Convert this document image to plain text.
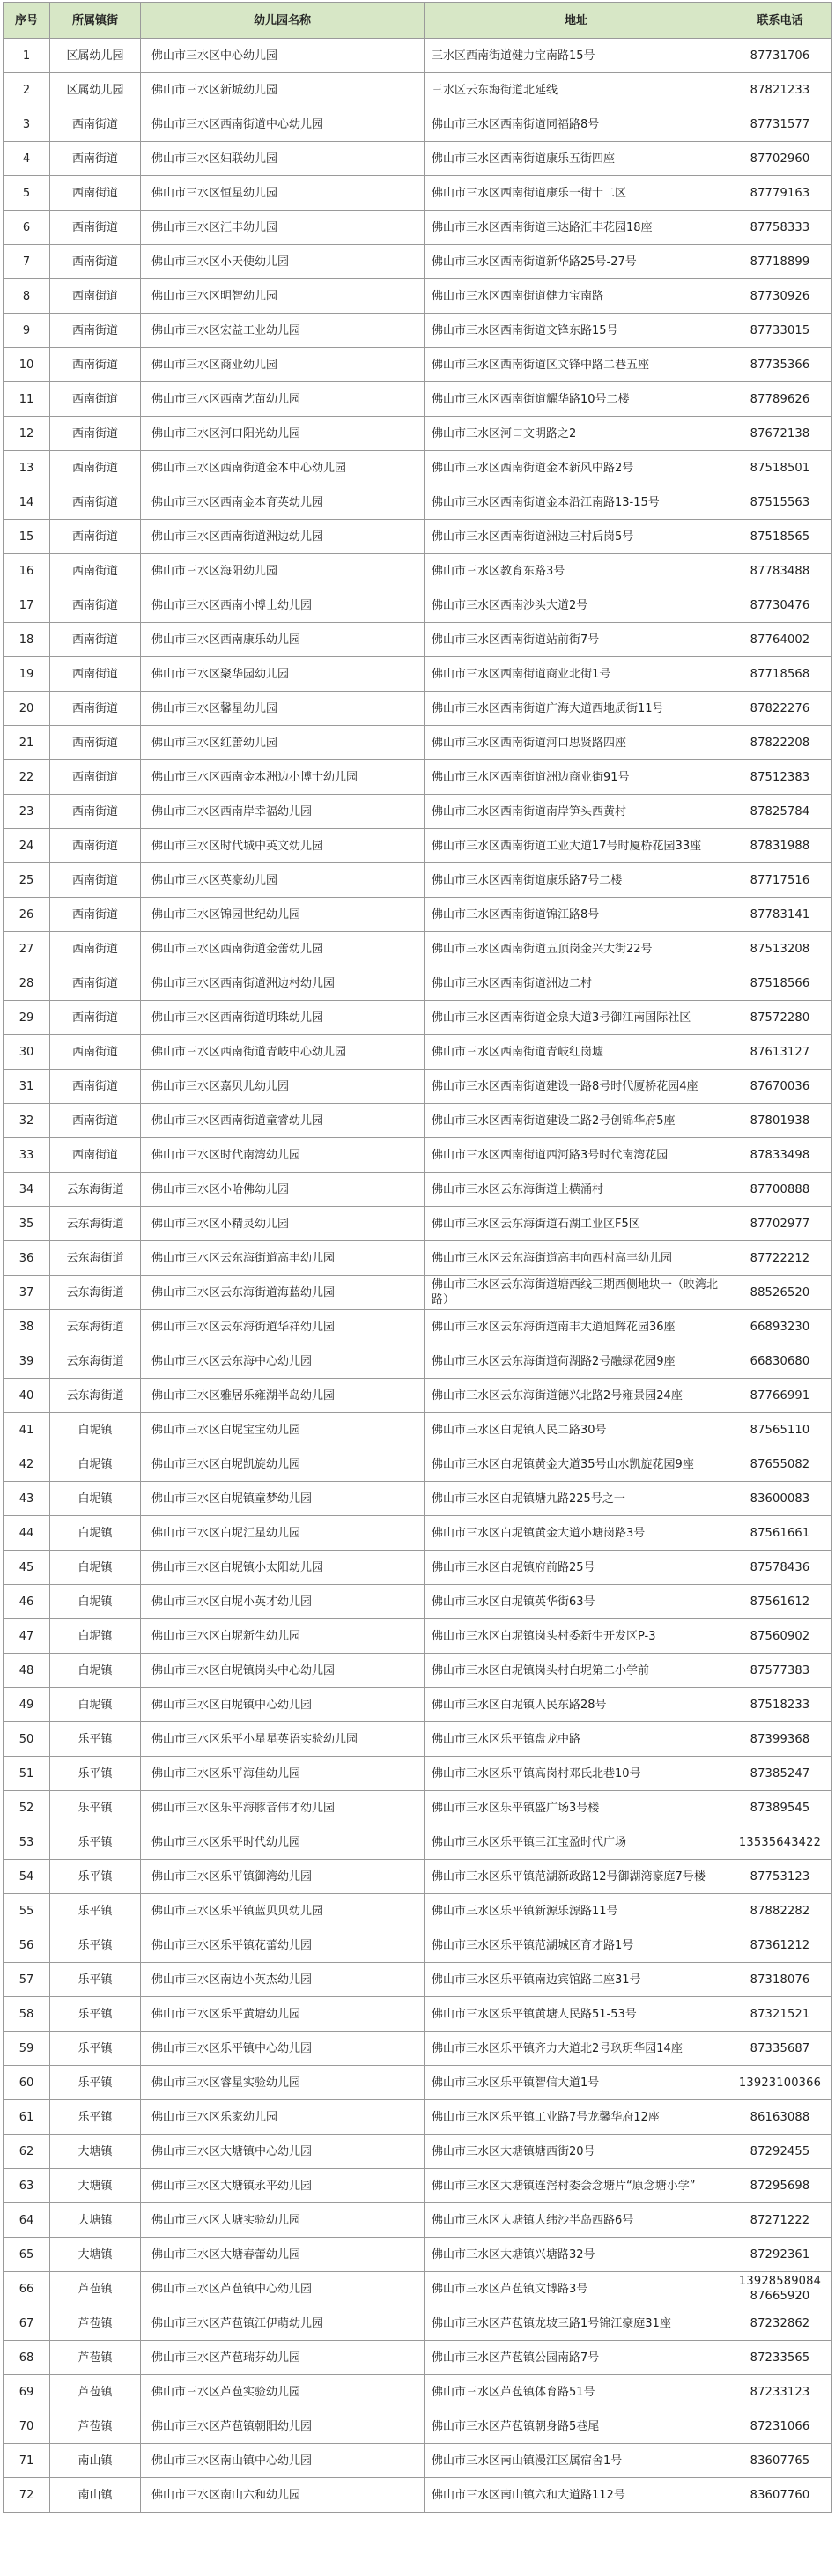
序号	所属镇街	幼儿园名称	地址	联系电话
1	区属幼儿园	佛山市三水区中心幼儿园	三水区西南街道健力宝南路15号	87731706
2	区属幼儿园	佛山市三水区新城幼儿园	三水区云东海街道北延线	87821233
3	西南街道	佛山市三水区西南街道中心幼儿园	佛山市三水区西南街道同福路8号	87731577
4	西南街道	佛山市三水区妇联幼儿园	佛山市三水区西南街道康乐五街四座	87702960
5	西南街道	佛山市三水区恒星幼儿园	佛山市三水区西南街道康乐一街十二区	87779163
6	西南街道	佛山市三水区汇丰幼儿园	佛山市三水区西南街道三达路汇丰花园18座	87758333
7	西南街道	佛山市三水区小天使幼儿园	佛山市三水区西南街道新华路25号-27号	87718899
8	西南街道	佛山市三水区明智幼儿园	佛山市三水区西南街道健力宝南路	87730926
9	西南街道	佛山市三水区宏益工业幼儿园	佛山市三水区西南街道文锋东路15号	87733015
10	西南街道	佛山市三水区商业幼儿园	佛山市三水区西南街道区文锋中路二巷五座	87735366
11	西南街道	佛山市三水区西南艺苗幼儿园	佛山市三水区西南街道耀华路10号二楼	87789626
12	西南街道	佛山市三水区河口阳光幼儿园	佛山市三水区河口文明路之2	87672138
13	西南街道	佛山市三水区西南街道金本中心幼儿园	佛山市三水区西南街道金本新风中路2号	87518501
14	西南街道	佛山市三水区西南金本育英幼儿园	佛山市三水区西南街道金本沿江南路13-15号	87515563
15	西南街道	佛山市三水区西南街道洲边幼儿园	佛山市三水区西南街道洲边三村后岗5号	87518565
16	西南街道	佛山市三水区海阳幼儿园	佛山市三水区教育东路3号	87783488
17	西南街道	佛山市三水区西南小博士幼儿园	佛山市三水区西南沙头大道2号	87730476
18	西南街道	佛山市三水区西南康乐幼儿园	佛山市三水区西南街道站前街7号	87764002
19	西南街道	佛山市三水区聚华园幼儿园	佛山市三水区西南街道商业北街1号	87718568
20	西南街道	佛山市三水区馨星幼儿园	佛山市三水区西南街道广海大道西地质街11号	87822276
21	西南街道	佛山市三水区红蕾幼儿园	佛山市三水区西南街道河口思贤路四座	87822208
22	西南街道	佛山市三水区西南金本洲边小博士幼儿园	佛山市三水区西南街道洲边商业街91号	87512383
23	西南街道	佛山市三水区西南岸幸福幼儿园	佛山市三水区西南街道南岸笋头西黄村	87825784
24	西南街道	佛山市三水区时代城中英文幼儿园	佛山市三水区西南街道工业大道17号时厦桥花园33座	87831988
25	西南街道	佛山市三水区英豪幼儿园	佛山市三水区西南街道康乐路7号二楼	87717516
26	西南街道	佛山市三水区锦园世纪幼儿园	佛山市三水区西南街道锦江路8号	87783141
27	西南街道	佛山市三水区西南街道金蕾幼儿园	佛山市三水区西南街道五顶岗金兴大街22号	87513208
28	西南街道	佛山市三水区西南街道洲边村幼儿园	佛山市三水区西南街道洲边二村	87518566
29	西南街道	佛山市三水区西南街道明珠幼儿园	佛山市三水区西南街道金泉大道3号御江南国际社区	87572280
30	西南街道	佛山市三水区西南街道青岐中心幼儿园	佛山市三水区西南街道青岐红岗墟	87613127
31	西南街道	佛山市三水区嘉贝儿幼儿园	佛山市三水区西南街道建设一路8号时代厦桥花园4座	87670036
32	西南街道	佛山市三水区西南街道童睿幼儿园	佛山市三水区西南街道建设二路2号创锦华府5座	87801938
33	西南街道	佛山市三水区时代南湾幼儿园	佛山市三水区西南街道西河路3号时代南湾花园	87833498
34	云东海街道	佛山市三水区小哈佛幼儿园	佛山市三水区云东海街道上横涌村	87700888
35	云东海街道	佛山市三水区小精灵幼儿园	佛山市三水区云东海街道石湖工业区F5区	87702977
36	云东海街道	佛山市三水区云东海街道高丰幼儿园	佛山市三水区云东海街道高丰向西村高丰幼儿园	87722212
37	云东海街道	佛山市三水区云东海街道海蓝幼儿园	佛山市三水区云东海街道塘西线三期西侧地块一（映湾北路）	88526520
38	云东海街道	佛山市三水区云东海街道华祥幼儿园	佛山市三水区云东海街道南丰大道旭辉花园36座	66893230
39	云东海街道	佛山市三水区云东海中心幼儿园	佛山市三水区云东海街道荷湖路2号融绿花园9座	66830680
40	云东海街道	佛山市三水区雅居乐雍湖半岛幼儿园	佛山市三水区云东海街道德兴北路2号雍景园24座	87766991
41	白坭镇	佛山市三水区白坭宝宝幼儿园	佛山市三水区白坭镇人民二路30号	87565110
42	白坭镇	佛山市三水区白坭凯旋幼儿园	佛山市三水区白坭镇黄金大道35号山水凯旋花园9座	87655082
43	白坭镇	佛山市三水区白坭镇童梦幼儿园	佛山市三水区白坭镇塘九路225号之一	83600083
44	白坭镇	佛山市三水区白坭汇星幼儿园	佛山市三水区白坭镇黄金大道小塘岗路3号	87561661
45	白坭镇	佛山市三水区白坭镇小太阳幼儿园	佛山市三水区白坭镇府前路25号	87578436
46	白坭镇	佛山市三水区白坭小英才幼儿园	佛山市三水区白坭镇英华街63号	87561612
47	白坭镇	佛山市三水区白坭新生幼儿园	佛山市三水区白坭镇岗头村委新生开发区P-3	87560902
48	白坭镇	佛山市三水区白坭镇岗头中心幼儿园	佛山市三水区白坭镇岗头村白坭第二小学前	87577383
49	白坭镇	佛山市三水区白坭镇中心幼儿园	佛山市三水区白坭镇人民东路28号	87518233
50	乐平镇	佛山市三水区乐平小星星英语实验幼儿园	佛山市三水区乐平镇盘龙中路	87399368
51	乐平镇	佛山市三水区乐平海佳幼儿园	佛山市三水区乐平镇高岗村邓氏北巷10号	87385247
52	乐平镇	佛山市三水区乐平海豚音伟才幼儿园	佛山市三水区乐平镇盛广场3号楼	87389545
53	乐平镇	佛山市三水区乐平时代幼儿园	佛山市三水区乐平镇三江宝盈时代广场	13535643422
54	乐平镇	佛山市三水区乐平镇御湾幼儿园	佛山市三水区乐平镇范湖新政路12号御湖湾豪庭7号楼	87753123
55	乐平镇	佛山市三水区乐平镇蓝贝贝幼儿园	佛山市三水区乐平镇新源乐源路11号	87882282
56	乐平镇	佛山市三水区乐平镇花蕾幼儿园	佛山市三水区乐平镇范湖城区育才路1号	87361212
57	乐平镇	佛山市三水区南边小英杰幼儿园	佛山市三水区乐平镇南边宾馆路二座31号	87318076
58	乐平镇	佛山市三水区乐平黄塘幼儿园	佛山市三水区乐平镇黄塘人民路51-53号	87321521
59	乐平镇	佛山市三水区乐平镇中心幼儿园	佛山市三水区乐平镇齐力大道北2号玖玥华园14座	87335687
60	乐平镇	佛山市三水区睿星实验幼儿园	佛山市三水区乐平镇智信大道1号	13923100366
61	乐平镇	佛山市三水区乐家幼儿园	佛山市三水区乐平镇工业路7号龙馨华府12座	86163088
62	大塘镇	佛山市三水区大塘镇中心幼儿园	佛山市三水区大塘镇塘西街20号	87292455
63	大塘镇	佛山市三水区大塘镇永平幼儿园	佛山市三水区大塘镇连滘村委会念塘片“原念塘小学”	87295698
64	大塘镇	佛山市三水区大塘实验幼儿园	佛山市三水区大塘镇大纬沙半岛西路6号	87271222
65	大塘镇	佛山市三水区大塘春蕾幼儿园	佛山市三水区大塘镇兴塘路32号	87292361
66	芦苞镇	佛山市三水区芦苞镇中心幼儿园	佛山市三水区芦苞镇文博路3号	13928589084 87665920
67	芦苞镇	佛山市三水区芦苞镇江伊萌幼儿园	佛山市三水区芦苞镇龙坡三路1号锦江豪庭31座	87232862
68	芦苞镇	佛山市三水区芦苞瑞芬幼儿园	佛山市三水区芦苞镇公园南路7号	87233565
69	芦苞镇	佛山市三水区芦苞实验幼儿园	佛山市三水区芦苞镇体育路51号	87233123
70	芦苞镇	佛山市三水区芦苞镇朝阳幼儿园	佛山市三水区芦苞镇朝身路5巷尾	87231066
71	南山镇	佛山市三水区南山镇中心幼儿园	佛山市三水区南山镇漫江区属宿舍1号	83607765
72	南山镇	佛山市三水区南山六和幼儿园	佛山市三水区南山镇六和大道路112号	83607760
